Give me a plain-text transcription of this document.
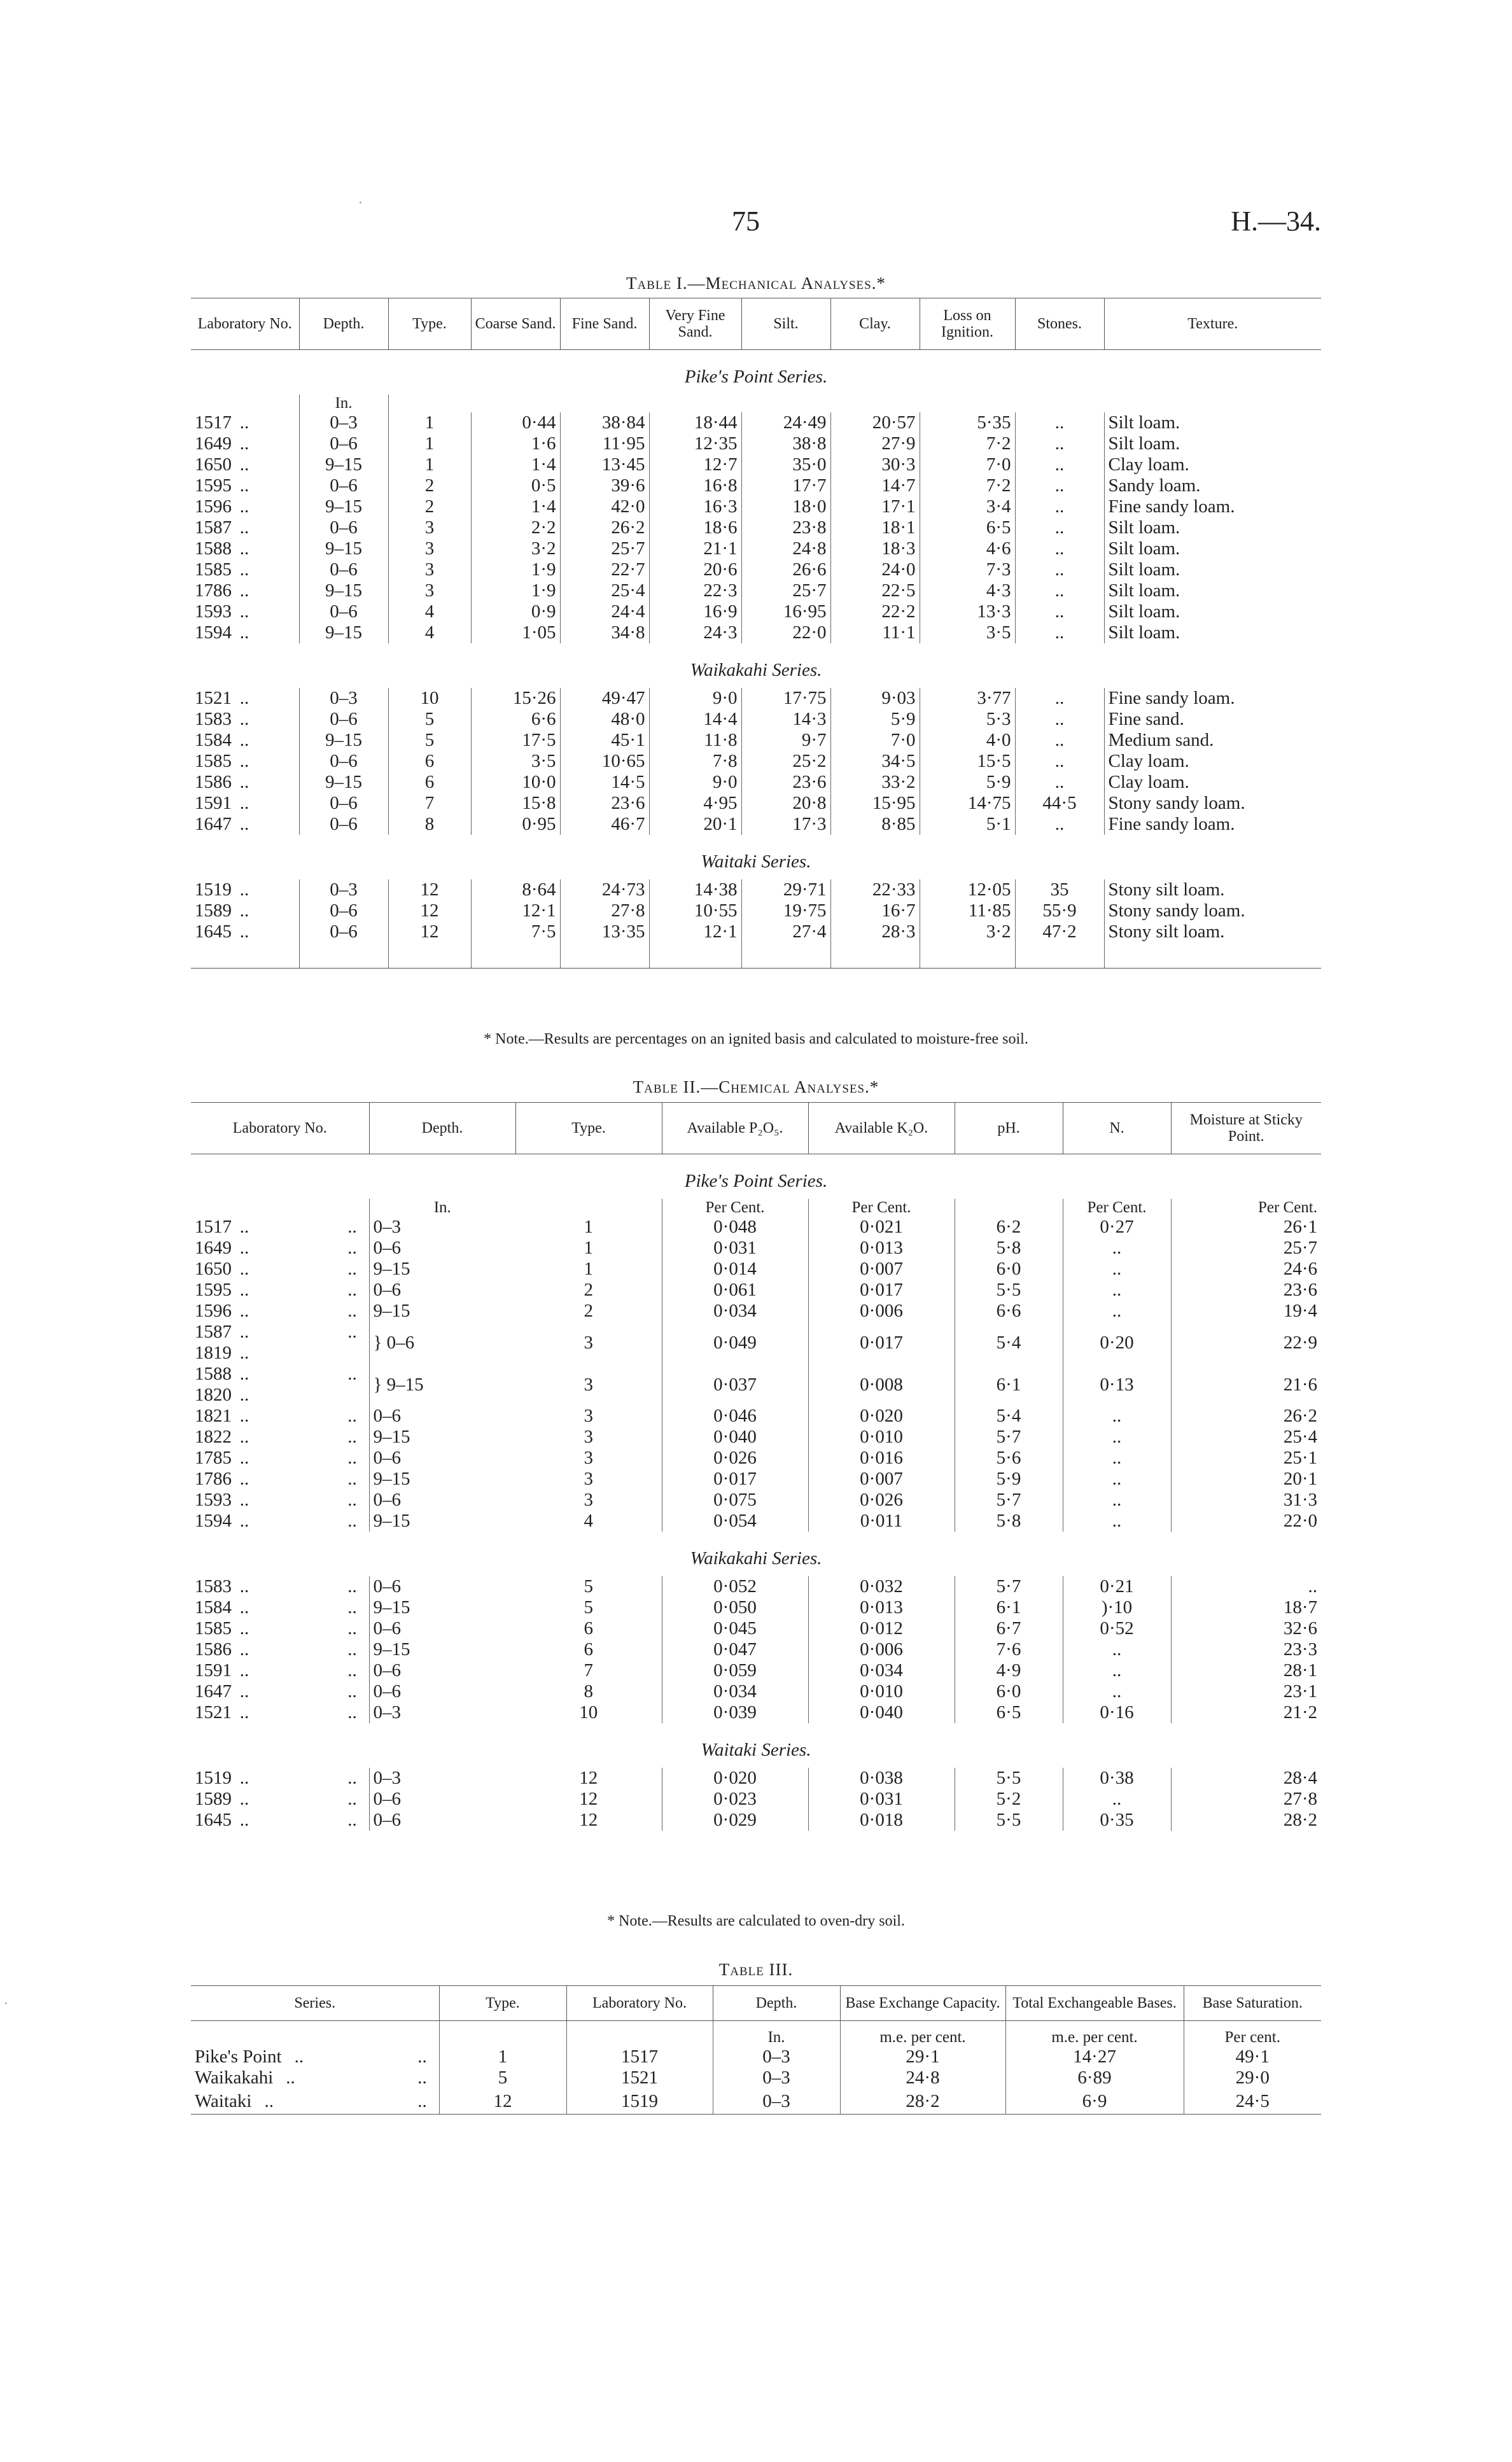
75	H.—34.
·
·
Table I.—Mechanical Analyses.*
Laboratory No.	Depth.	Type.	Coarse Sand.	Fine Sand.	Very Fine Sand.	Silt.	Clay.	Loss on Ignition.	Stones.	Texture.
Pike's Point Series.										
	In.									
1517 ..	0–3	1	0·44	38·84	18·44	24·49	20·57	5·35	..	Silt loam.
1649 ..	0–6	1	1·6	11·95	12·35	38·8	27·9	7·2	..	Silt loam.
1650 ..	9–15	1	1·4	13·45	12·7	35·0	30·3	7·0	..	Clay loam.
1595 ..	0–6	2	0·5	39·6	16·8	17·7	14·7	7·2	..	Sandy loam.
1596 ..	9–15	2	1·4	42·0	16·3	18·0	17·1	3·4	..	Fine sandy loam.
1587 ..	0–6	3	2·2	26·2	18·6	23·8	18·1	6·5	..	Silt loam.
1588 ..	9–15	3	3·2	25·7	21·1	24·8	18·3	4·6	..	Silt loam.
1585 ..	0–6	3	1·9	22·7	20·6	26·6	24·0	7·3	..	Silt loam.
1786 ..	9–15	3	1·9	25·4	22·3	25·7	22·5	4·3	..	Silt loam.
1593 ..	0–6	4	0·9	24·4	16·9	16·95	22·2	13·3	..	Silt loam.
1594 ..	9–15	4	1·05	34·8	24·3	22·0	11·1	3·5	..	Silt loam.
Waikakahi Series.										
1521 ..	0–3	10	15·26	49·47	9·0	17·75	9·03	3·77	..	Fine sandy loam.
1583 ..	0–6	5	6·6	48·0	14·4	14·3	5·9	5·3	..	Fine sand.
1584 ..	9–15	5	17·5	45·1	11·8	9·7	7·0	4·0	..	Medium sand.
1585 ..	0–6	6	3·5	10·65	7·8	25·2	34·5	15·5	..	Clay loam.
1586 ..	9–15	6	10·0	14·5	9·0	23·6	33·2	5·9	..	Clay loam.
1591 ..	0–6	7	15·8	23·6	4·95	20·8	15·95	14·75	44·5	Stony sandy loam.
1647 ..	0–6	8	0·95	46·7	20·1	17·3	8·85	5·1	..	Fine sandy loam.
Waitaki Series.										
1519 ..	0–3	12	8·64	24·73	14·38	29·71	22·33	12·05	35	Stony silt loam.
1589 ..	0–6	12	12·1	27·8	10·55	19·75	16·7	11·85	55·9	Stony sandy loam.
1645 ..	0–6	12	7·5	13·35	12·1	27·4	28·3	3·2	47·2	Stony silt loam.

* Note.—Results are percentages on an ignited basis and calculated to moisture-free soil.
Table II.—Chemical Analyses.*
Laboratory No.	Depth.	Type.	Available P₂O₅.	Available K₂O.	pH.	N.	Moisture at Sticky Point.
Pike's Point Series.							
	In.		Per Cent.	Per Cent.		Per Cent.	Per Cent.

..
1517 ..	0–3	1	0·048	0·021	6·2	0·27	26·1

..
1649 ..	0–6	1	0·031	0·013	5·8	..	25·7

..
1650 ..	9–15	1	0·014	0·007	6·0	..	24·6

..
1595 ..	0–6	2	0·061	0·017	5·5	..	23·6

..
1596 ..	9–15	2	0·034	0·006	6·6	..	19·4

..
1587 ..
1819 ..	} 0–6	3	0·049	0·017	5·4	0·20	22·9

..
1588 ..
1820 ..	} 9–15	3	0·037	0·008	6·1	0·13	21·6

..
1821 ..	0–6	3	0·046	0·020	5·4	..	26·2

..
1822 ..	9–15	3	0·040	0·010	5·7	..	25·4

..
1785 ..	0–6	3	0·026	0·016	5·6	..	25·1

..
1786 ..	9–15	3	0·017	0·007	5·9	..	20·1

..
1593 ..	0–6	3	0·075	0·026	5·7	..	31·3

..
1594 ..	9–15	4	0·054	0·011	5·8	..	22·0
Waikakahi Series.							

..
1583 ..	0–6	5	0·052	0·032	5·7	0·21	..

..
1584 ..	9–15	5	0·050	0·013	6·1	)·10	18·7

..
1585 ..	0–6	6	0·045	0·012	6·7	0·52	32·6

..
1586 ..	9–15	6	0·047	0·006	7·6	..	23·3

..
1591 ..	0–6	7	0·059	0·034	4·9	..	28·1

..
1647 ..	0–6	8	0·034	0·010	6·0	..	23·1

..
1521 ..	0–3	10	0·039	0·040	6·5	0·16	21·2
Waitaki Series.							

..
1519 ..	0–3	12	0·020	0·038	5·5	0·38	28·4

..
1589 ..	0–6	12	0·023	0·031	5·2	..	27·8

..
1645 ..	0–6	12	0·029	0·018	5·5	0·35	28·2

* Note.—Results are calculated to oven-dry soil.
Table III.
Series.	Type.	Laboratory No.	Depth.	Base Exchange Capacity.	Total Exchangeable Bases.	Base Saturation.

			In.	m.e. per cent.	m.e. per cent.	Per cent.

..
Pike's Point ..	1	1517	0–3	29·1	14·27	49·1

..
Waikakahi ..	5	1521	0–3	24·8	6·89	29·0

..
Waitaki ..	12	1519	0–3	28·2	6·9	24·5
